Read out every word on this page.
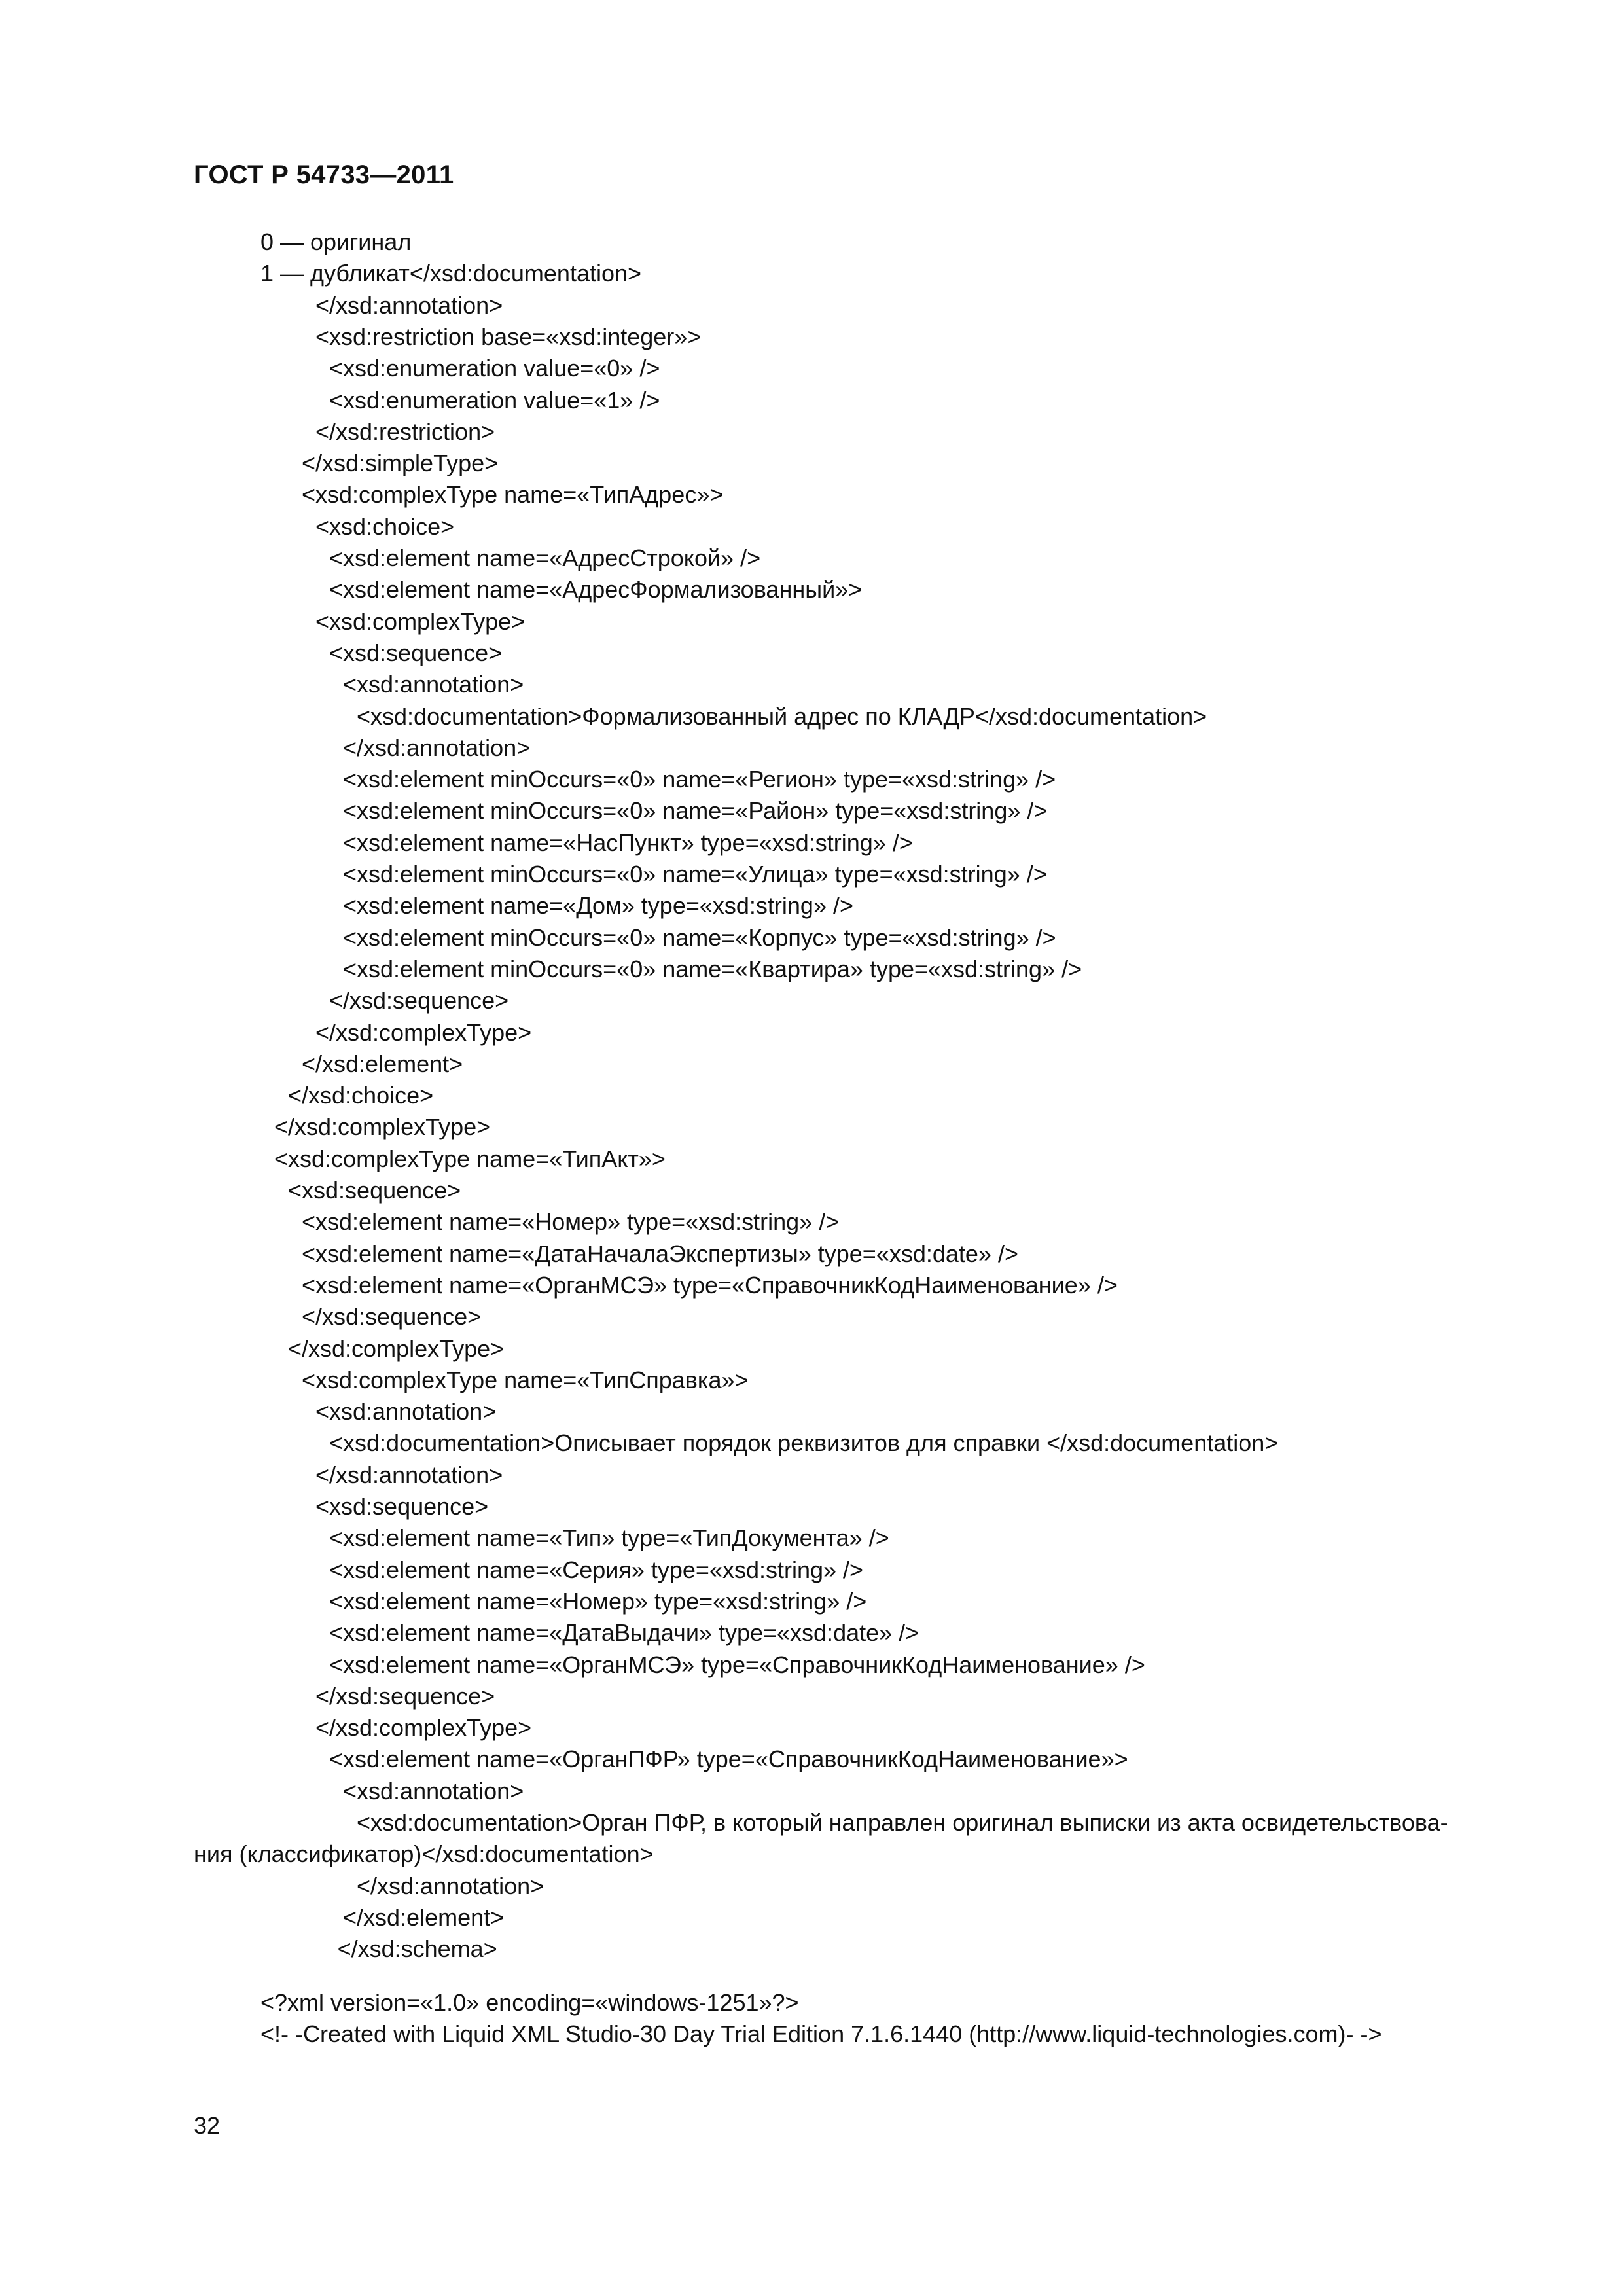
ГОСТ Р 54733—2011
0 — оригинал
1 — дубликат</xsd:documentation>
</xsd:annotation>
<xsd:restriction base=«xsd:integer»>
<xsd:enumeration value=«0» />
<xsd:enumeration value=«1» />
</xsd:restriction>
</xsd:simpleType>
<xsd:complexType name=«ТипАдрес»>
<xsd:choice>
<xsd:element name=«АдресСтрокой» />
<xsd:element name=«АдресФормализованный»>
<xsd:complexType>
<xsd:sequence>
<xsd:annotation>
<xsd:documentation>Формализованный адрес по КЛАДР</xsd:documentation>
</xsd:annotation>
<xsd:element minOccurs=«0» name=«Регион» type=«xsd:string» />
<xsd:element minOccurs=«0» name=«Район» type=«xsd:string» />
<xsd:element name=«НасПункт» type=«xsd:string» />
<xsd:element minOccurs=«0» name=«Улица» type=«xsd:string» />
<xsd:element name=«Дом» type=«xsd:string» />
<xsd:element minOccurs=«0» name=«Корпус» type=«xsd:string» />
<xsd:element minOccurs=«0» name=«Квартира» type=«xsd:string» />
</xsd:sequence>
</xsd:complexType>
</xsd:element>
</xsd:choice>
</xsd:complexType>
<xsd:complexType name=«ТипАкт»>
<xsd:sequence>
<xsd:element name=«Номер» type=«xsd:string» />
<xsd:element name=«ДатаНачалаЭкспертизы» type=«xsd:date» />
<xsd:element name=«ОрганМСЭ» type=«СправочникКодНаименование» />
</xsd:sequence>
</xsd:complexType>
<xsd:complexType name=«ТипСправка»>
<xsd:annotation>
<xsd:documentation>Описывает порядок реквизитов для справки </xsd:documentation>
</xsd:annotation>
<xsd:sequence>
<xsd:element name=«Тип» type=«ТипДокумента» />
<xsd:element name=«Серия» type=«xsd:string» />
<xsd:element name=«Номер» type=«xsd:string» />
<xsd:element name=«ДатаВыдачи» type=«xsd:date» />
<xsd:element name=«ОрганМСЭ» type=«СправочникКодНаименование» />
</xsd:sequence>
</xsd:complexType>
<xsd:element name=«ОрганПФР» type=«СправочникКодНаименование»>
<xsd:annotation>
<xsd:documentation>Орган ПФР, в который направлен оригинал выписки из акта освидетельствова-
ния (классификатор)</xsd:documentation>
</xsd:annotation>
</xsd:element>
</xsd:schema>
<?xml version=«1.0» encoding=«windows-1251»?>
<!- -Created with Liquid XML Studio-30 Day Trial Edition 7.1.6.1440 (http://www.liquid-technologies.com)- ->
32
